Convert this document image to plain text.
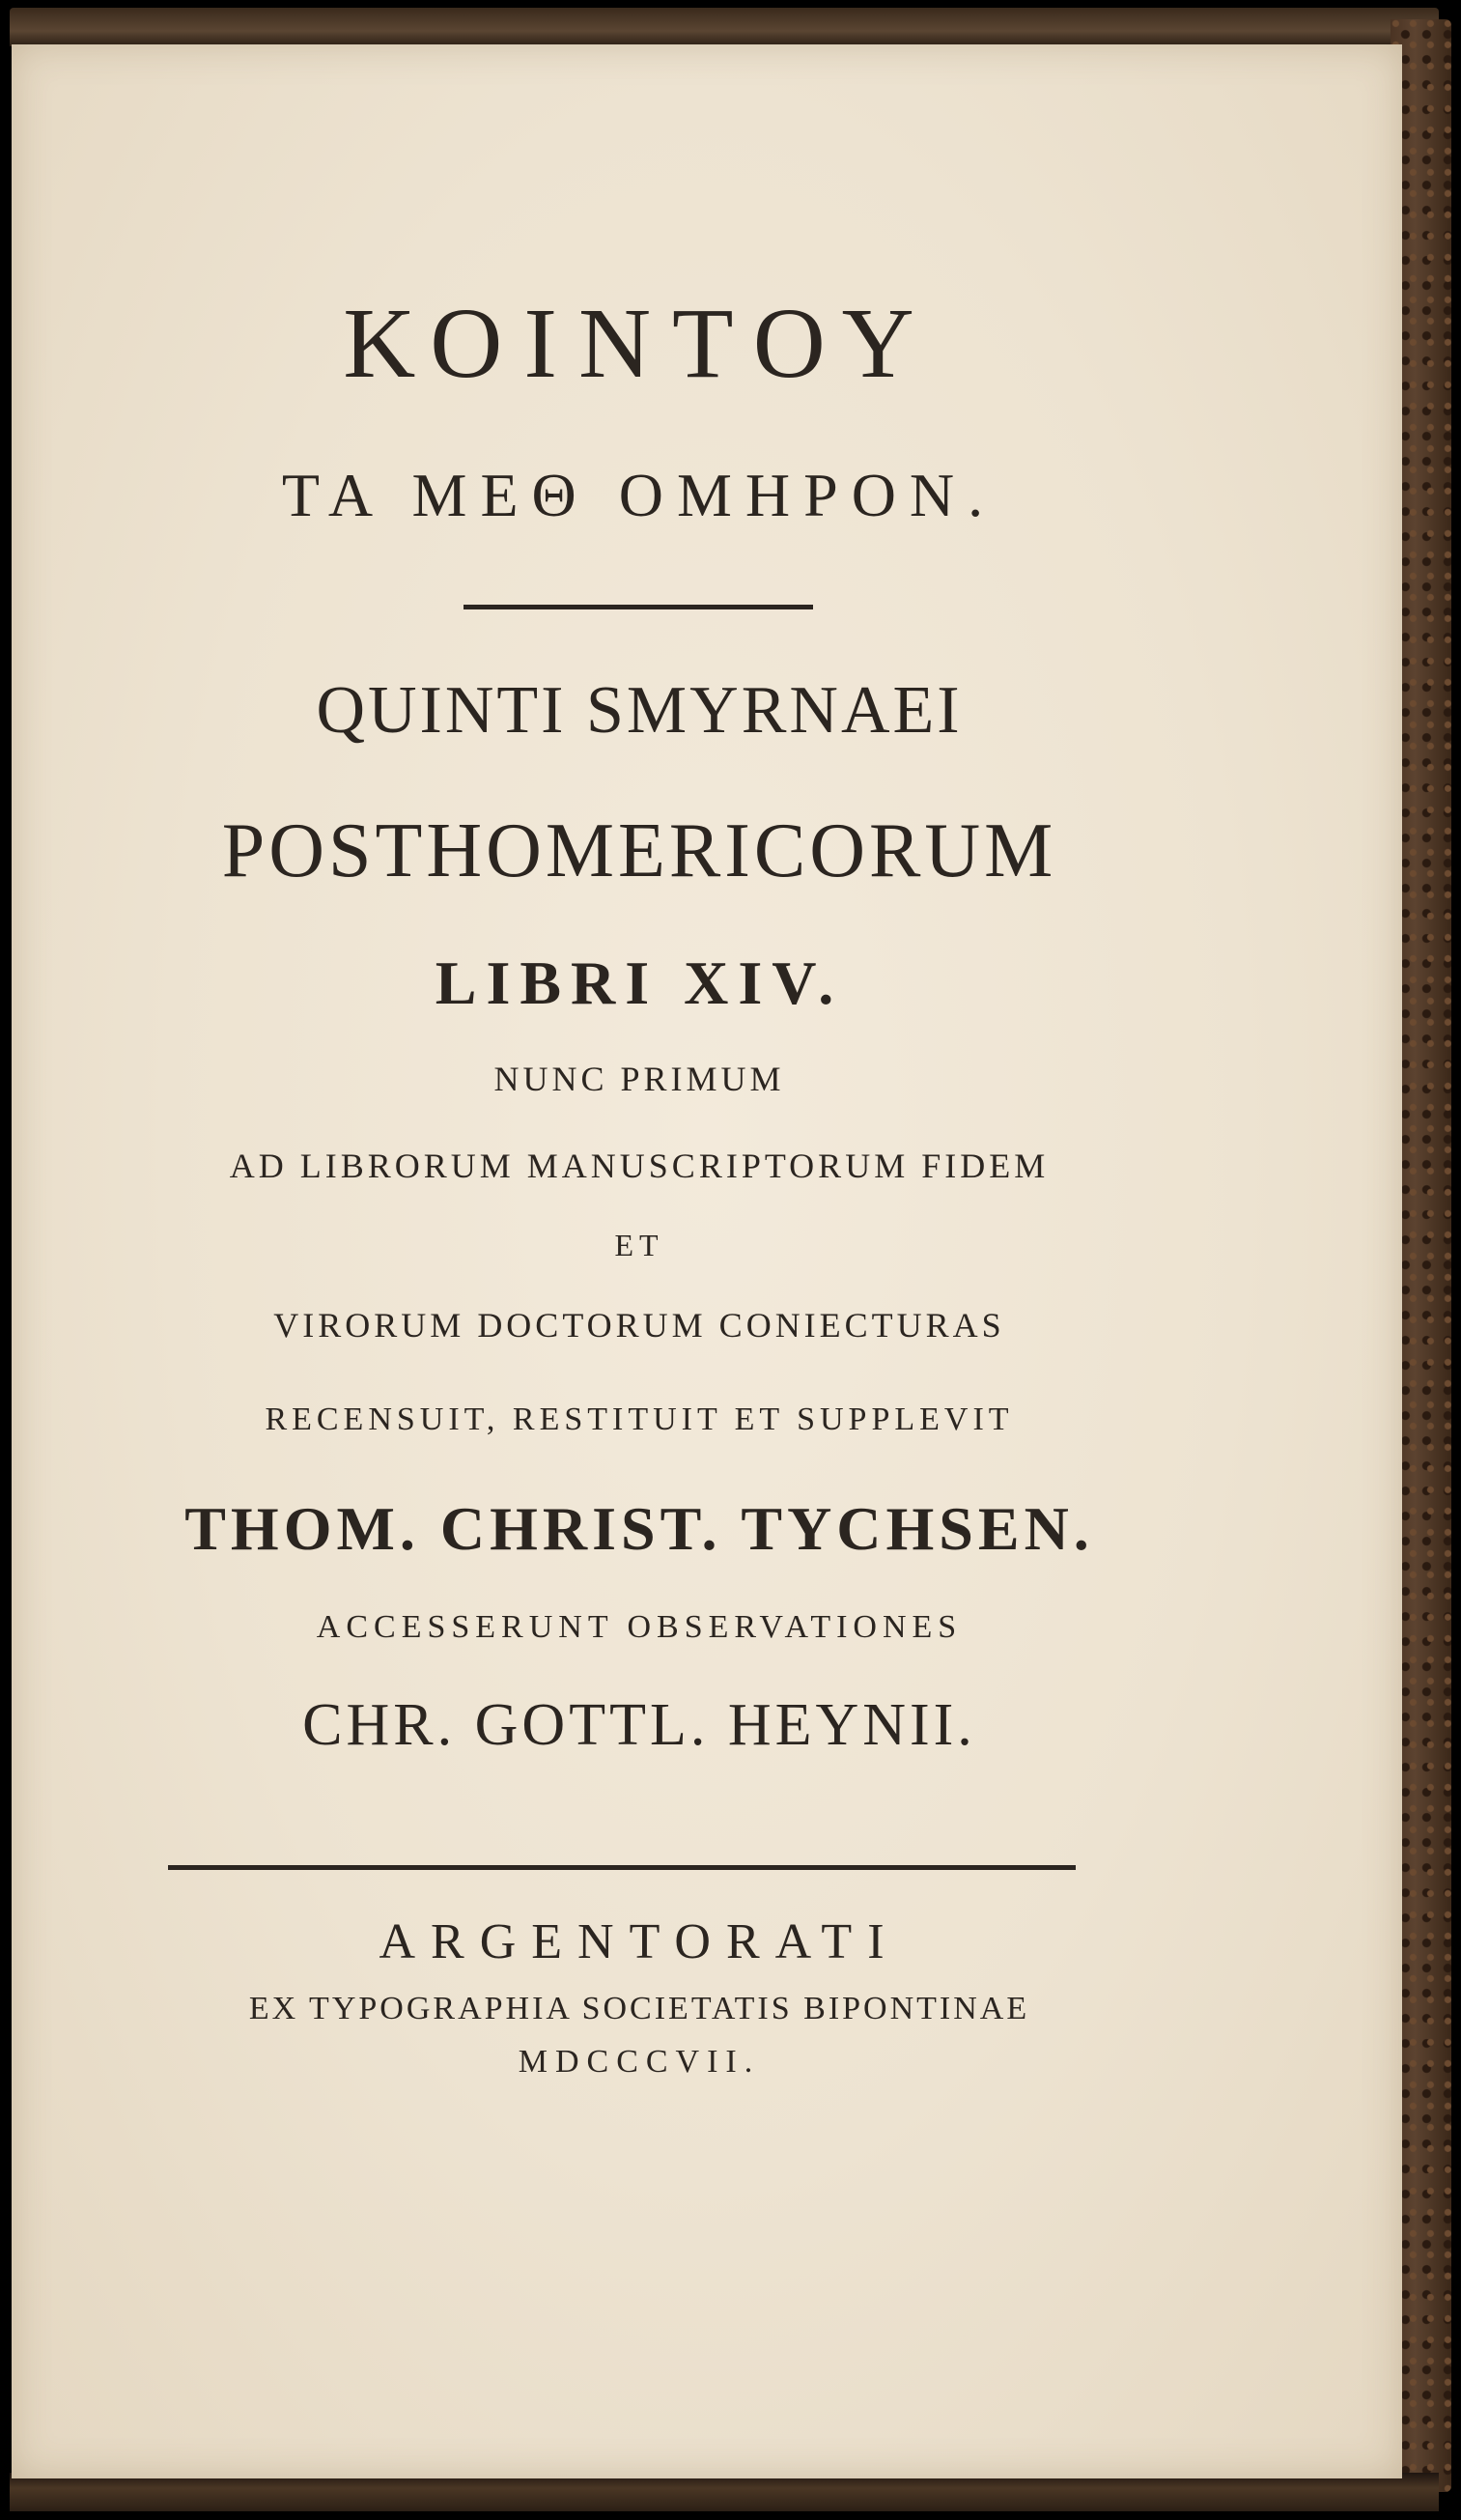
ΚΟΙΝΤΟΥ
ΤΑ ΜΕΘ ΟΜΗΡΟΝ.
QUINTI SMYRNAEI
POSTHOMERICORUM
LIBRI XIV.
NUNC PRIMUM
AD LIBRORUM MANUSCRIPTORUM FIDEM
ET
VIRORUM DOCTORUM CONIECTURAS
RECENSUIT, RESTITUIT ET SUPPLEVIT
THOM. CHRIST. TYCHSEN.
ACCESSERUNT OBSERVATIONES
CHR. GOTTL. HEYNII.
ARGENTORATI
EX TYPOGRAPHIA SOCIETATIS BIPONTINAE
MDCCCVII.
